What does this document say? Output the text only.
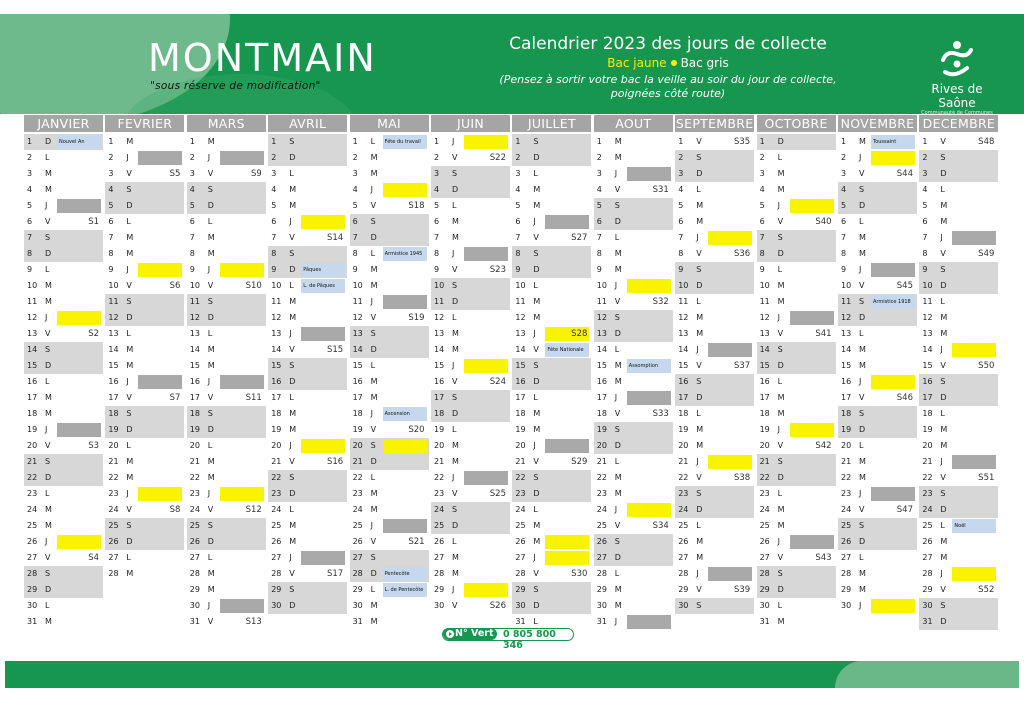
MONTMAIN	Calendrier 2023 des jours de collecte
Bac jaune Bac gris
(Pensez à sortir votre bac la veille au soir du jour de collecte,
poignées côté route)	Rives de Saône
Communauté de Communes
"sous réserve de modification"
JANVIER
1	D	Nouvel An
2	L
3	M
4	M
5	J
6	V	S1
7	S
8	D
9	L
10 M
11 M
12 J
13 V	S2
14 S
15 D
16 L
17 M
18 M
19 J
20 V	S3
21 S
22 D
23 L
24 M
25 M
26 J
27 V	S4
28 S
29 D
30 L
31 M
FEVRIER
1	M
2	J
3	V	S5
4	S
5	D
6	L
7	M
8	M
9	J
10 V	S6
11 S
12 D
13 L
14 M
15 M
16 J
17 V	S7
18 S
19 D
20 L
21 M
22 M
23 J
24 V	S8
25 S
26 D
27 L
28 M
MARS
1	M
2	J
3	V	S9
4	S
5	D
6	L
7	M
8	M
9	J
10 V	S10
11 S
12 D
13 L
14 M
15 M
16 J
17 V	S11
18 S
19 D
20 L
21 M
22 M
23 J
24 V	S12
25 S
26 D
27 L
28 M
29 M
30 J
31 V	S13
AVRIL
1	S
2	D
3	L
4	M
5	M
6	J
7	V	S14
8	S
9	D	Pâques
10 L	L. de Pâques
11 M
12 M
13 J
14 V	S15
15 S
16 D
17 L
18 M
19 M
20 J
21 V	S16
22 S
23 D
24 L
25 M
26 M
27 J
28 V	S17
29 S
30 D
MAI
1	L	Fête du travail
2	M
3	M
4	J
5	V	S18
6	S
7	D
8	L	Armistice 1945
9	M
10 M
11 J
12 V	S19
13 S
14 D
15 L
16 M
17 M
18 J	Ascension
19 V	S20
20 S
21 D
22 L
23 M
24 M
25 J
26 V	S21
27 S
28 D	Pentecôte
29 L	L. de Pentecôte
30 M
31 M
JUIN
1	J
2	V	S22
3	S
4	D
5	L
6	M
7	M
8	J
9	V	S23
10 S
11 D
12 L
13 M
14 M
15 J
16 V	S24
17 S
18 D
19 L
20 M
21 M
22 J
23 V	S25
24 S
25 D
26 L
27 M
28 M
29 J
30 V	S26
JUILLET
1	S
2	D
3	L
4	M
5	M
6	J
7	V	S27
8	S
9	D
10 L
11 M
12 M
13 J	S28
14 V	Fête Nationale
15 S
16 D
17 L
18 M
19 M
20 J
21 V	S29
22 S
23 D
24 L
25 M
26 M
27 J
28 V	S30
29 S
30 D
31 L
AOUT
1	M
2	M
3	J
4	V	S31
5	S
6	D
7	L
8	M
9	M
10 J
11 V	S32
12 S
13 D
14 L
15 M	Assomption
16 M
17 J
18 V	S33
19 S
20 D
21 L
22 M
23 M
24 J
25 V	S34
26 S
27 D
28 L
29 M
30 M
31 J
SEPTEMBRE
1	V	S35
2	S
3	D
4	L
5	M
6	M
7	J
8	V	S36
9	S
10 D
11 L
12 M
13 M
14 J
15 V	S37
16 S
17 D
18 L
19 M
20 M
21 J
22 V	S38
23 S
24 D
25 L
26 M
27 M
28 J
29 V	S39
30 S
OCTOBRE
1	D
2	L
3	M
4	M
5	J
6	V	S40
7	S
8	D
9	L
10 M
11 M
12 J
13 V	S41
14 S
15 D
16 L
17 M
18 M
19 J
20 V	S42
21 S
22 D
23 L
24 M
25 M
26 J
27 V	S43
28 S
29 D
30 L
31 M
NOVEMBRE
1	M	Toussaint
2	J
3	V	S44
4	S
5	D
6	L
7	M
8	M
9	J
10 V	S45
11 S	Armistice 1918
12 D
13 L
14 M
15 M
16 J
17 V	S46
18 S
19 D
20 L
21 M
22 M
23 J
24 V	S47
25 S
26 D
27 L
28 M
29 M
30 J
DECEMBRE
1	V	S48
2	S
3	D
4	L
5	M
6	M
7	J
8	V	S49
9	S
10 D
11 L
12 M
13 M
14 J
15 V	S50
16 S
17 D
18 L
19 M
20 M
21 J
22 V	S51
23 S
24 D
25 L	Noël
26 M
27 M
28 J
29 V	S52
30 S
31 D
N° Vert 0 805 800 346
